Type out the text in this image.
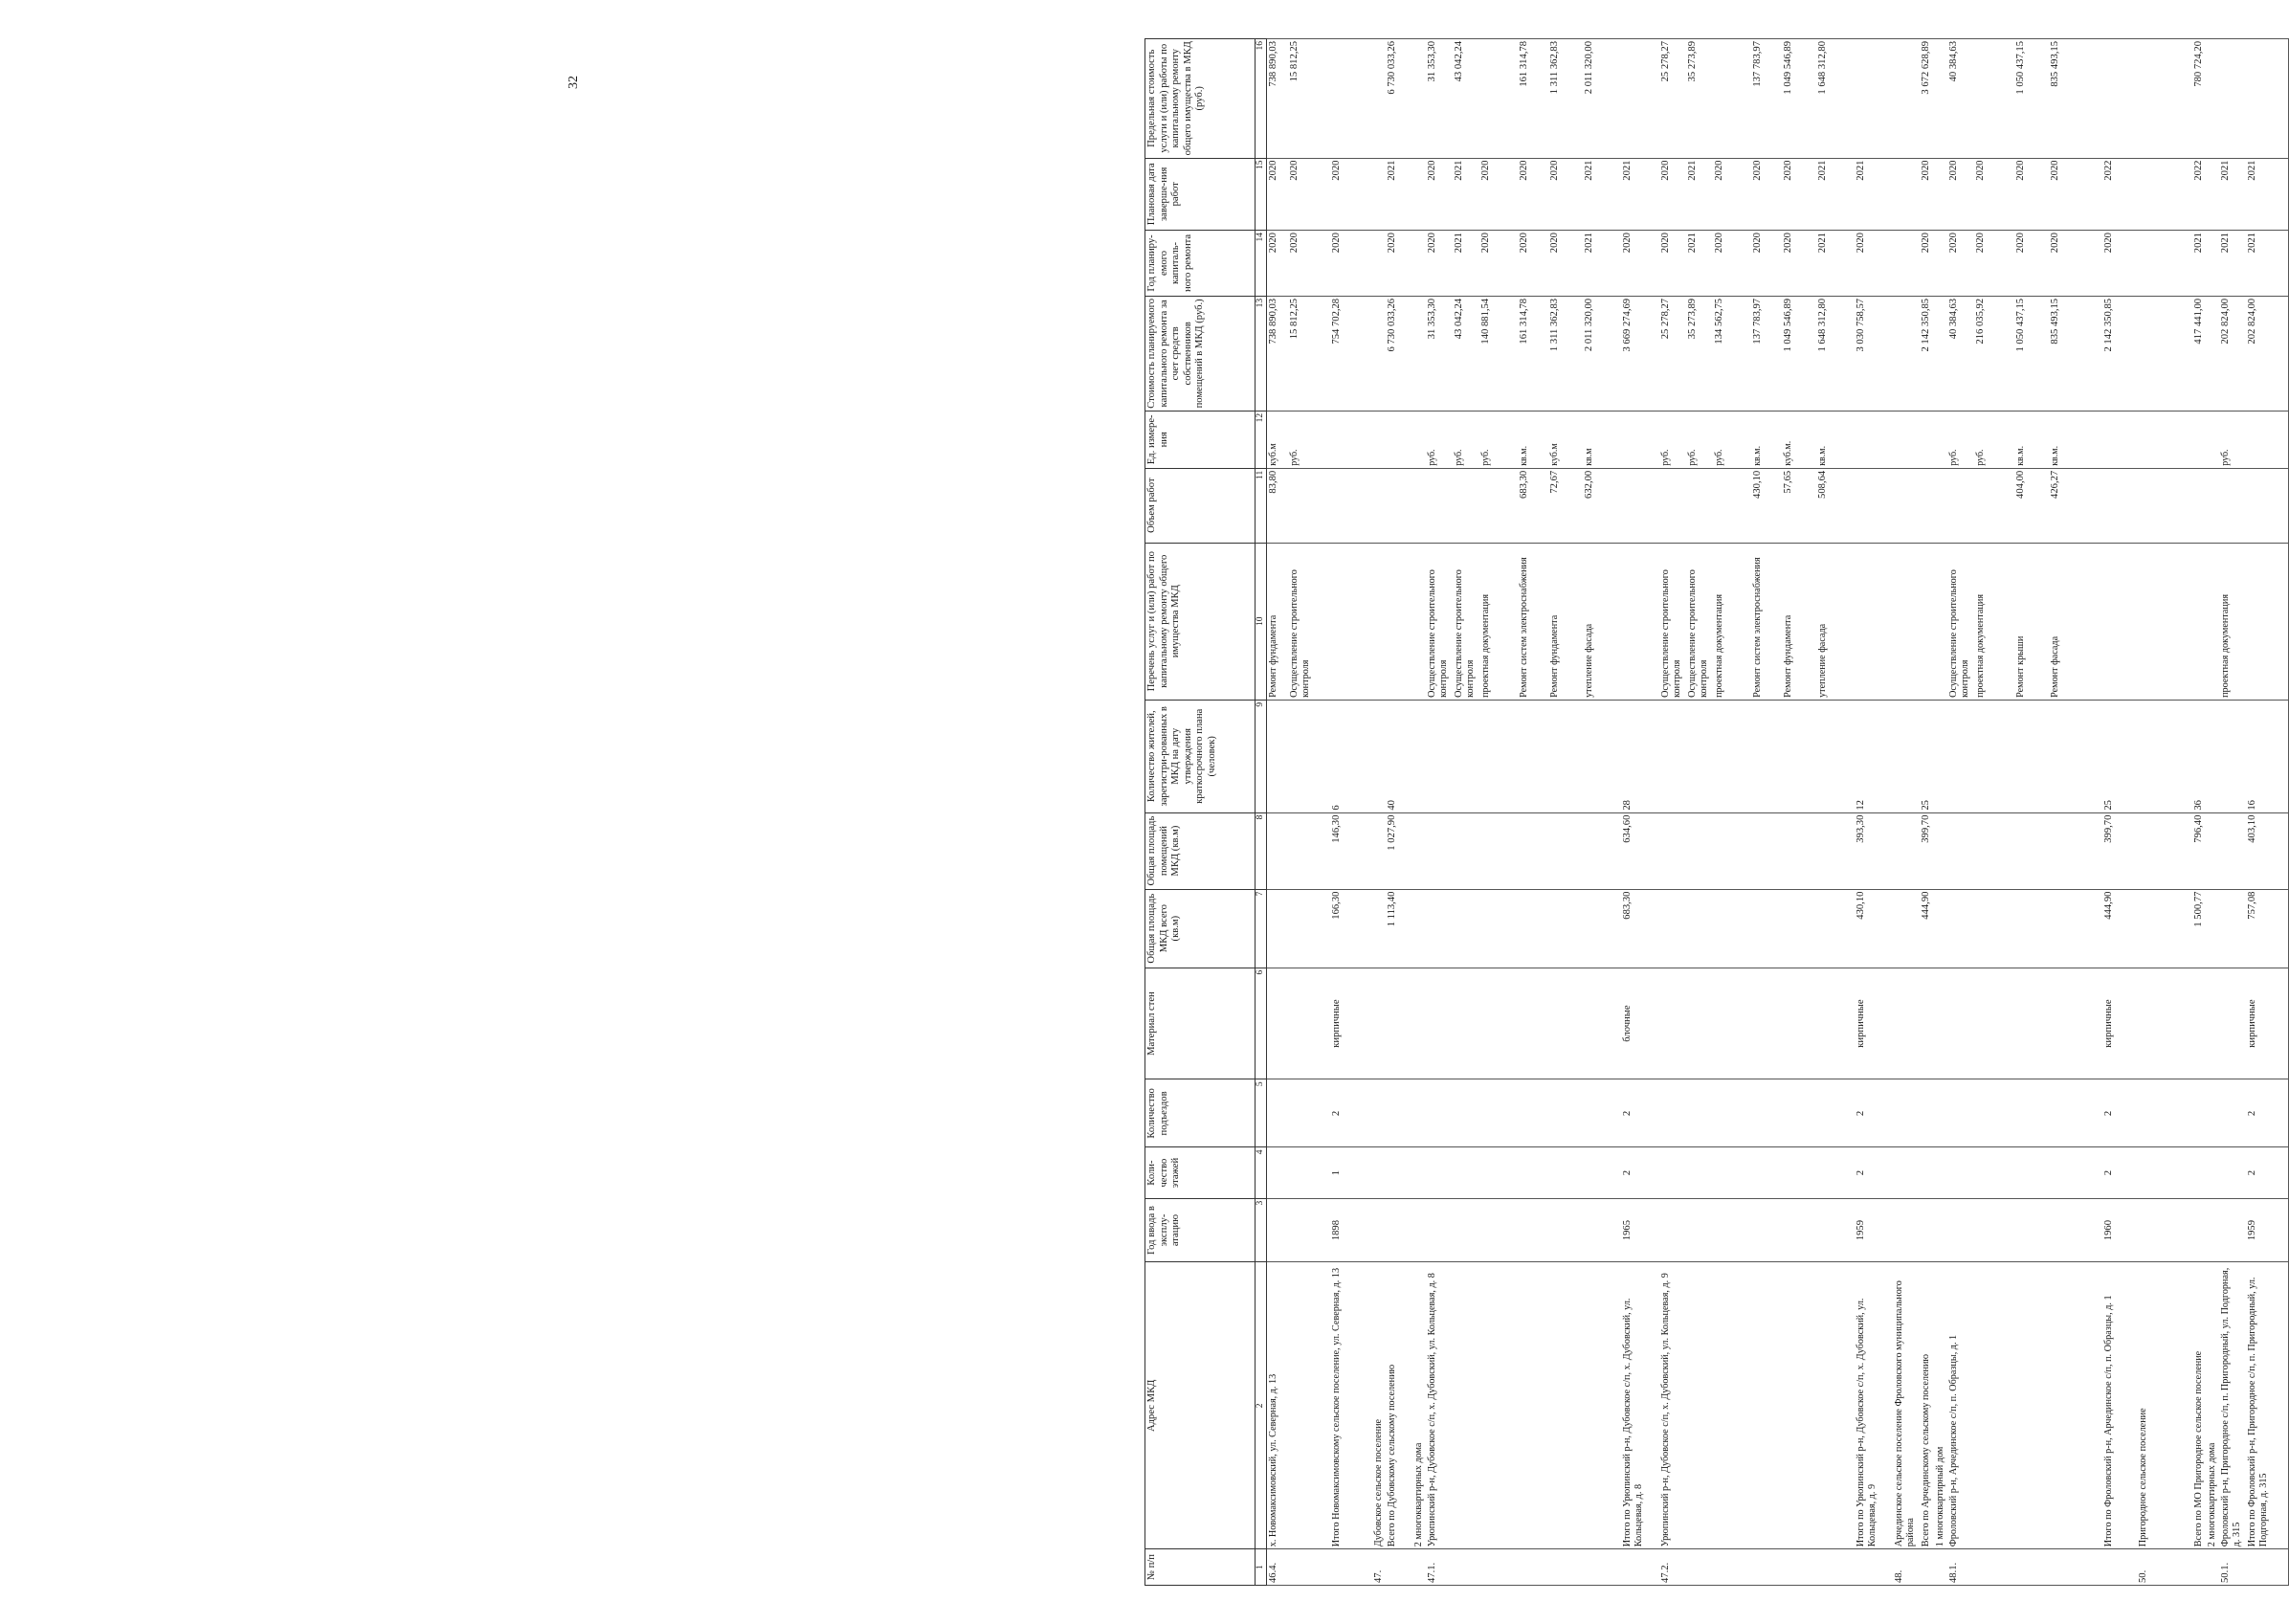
32
№ п/п	Адрес МКД	Год ввода в эксплу-атацию	Коли-чество этажей	Количество подъездов	Материал стен	Общая площадь МКД всего (кв.м)	Общая площадь помещений МКД (кв.м)	Количество жителей, зарегистри-рованных в МКД на дату утверждения краткосрочного плана (человек)	Перечень услуг и (или) работ по капитальному ремонту общего имущества МКД	Объем работ	Ед. измере-ния	Стоимость планируемого капитального ремонта за счет средств собственников помещений в МКД (руб.)	Год планиру-емого капиталь-ного ремонта	Плановая дата заверше-ния работ	Предельная стоимость услуги и (или) работы по капитальному ремонту общего имущества в МКД (руб.)
1	2	3	4	5	6	7	8	9	10	11	12	13	14	15	16
46.4.	х. Новомаксимовский, ул. Северная, д. 13								Ремонт фундамента	83,80	куб.м	738 890,03	2020	2020	738 890,03
									Осуществление строительного контроля		руб.	15 812,25	2020	2020	15 812,25
	Итого Новомаксимовскому сельское поселение, ул. Северная, д. 13	1898	1	2	кирпичные	166,30	146,30	6				754 702,28	2020	2020	
47.	Дубовское сельское поселение														
	Всего по Дубовскому сельскому поселению					1 113,40	1 027,90	40				6 730 033,26	2020	2021	6 730 033,26
	2 многоквартирных дома														
47.1.	Урюпинский р-н, Дубовское с/п, х. Дубовский, ул. Кольцевая, д. 8								Осуществление строительного контроля		руб.	31 353,30	2020	2020	31 353,30
									Осуществление строительного контроля		руб.	43 042,24	2021	2021	43 042,24
									проектная документация		руб.	140 881,54	2020	2020	
									Ремонт систем электроснабжения	683,30	кв.м.	161 314,78	2020	2020	161 314,78
									Ремонт фундамента	72,67	куб.м	1 311 362,83	2020	2020	1 311 362,83
									утепление фасада	632,00	кв.м	2 011 320,00	2021	2021	2 011 320,00
	Итого по Урюпинский р-н, Дубовское с/п, х. Дубовский, ул. Кольцевая, д. 8	1965	2	2	блочные	683,30	634,60	28				3 669 274,69	2020	2021	
47.2.	Урюпинский р-н, Дубовское с/п, х. Дубовский, ул. Кольцевая, д. 9								Осуществление строительного контроля		руб.	25 278,27	2020	2020	25 278,27
									Осуществление строительного контроля		руб.	35 273,89	2021	2021	35 273,89
									проектная документация		руб.	134 562,75	2020	2020	
									Ремонт систем электроснабжения	430,10	кв.м.	137 783,97	2020	2020	137 783,97
									Ремонт фундамента	57,65	куб.м.	1 049 546,89	2020	2020	1 049 546,89
									утепление фасада	508,64	кв.м.	1 648 312,80	2021	2021	1 648 312,80
	Итого по Урюпинский р-н, Дубовское с/п, х. Дубовский, ул. Кольцевая, д. 9	1959	2	2	кирпичные	430,10	393,30	12				3 030 758,57	2020	2021	
48.	Арчединское сельское поселение Фроловского муниципального района														
	Всего по Арчединскому сельскому поселению					444,90	399,70	25				2 142 350,85	2020	2020	3 672 628,89
	1 многоквартирный дом														
48.1.	Фроловский р-н, Арчединское с/п, п. Образцы, д. 1								Осуществление строительного контроля		руб.	40 384,63	2020	2020	40 384,63
									проектная документация		руб.	216 035,92	2020	2020	
									Ремонт крыши	404,00	кв.м.	1 050 437,15	2020	2020	1 050 437,15
									Ремонт фасада	426,27	кв.м.	835 493,15	2020	2020	835 493,15
	Итого по Фроловский р-н, Арчединское с/п, п. Образцы, д. 1	1960	2	2	кирпичные	444,90	399,70	25				2 142 350,85	2020	2022	
50.	Пригородное сельское поселение														
	Всего по МО Пригородное сельское поселение					1 500,77	796,40	36				417 441,00	2021	2022	780 724,20
	2 многоквартирных дома														
50.1.	Фроловский р-н, Пригородное с/п, п. Пригородный, ул. Подгорная, д. 315								проектная документация		руб.	202 824,00	2021	2021	
	Итого по Фроловский р-н, Пригородное с/п, п. Пригородный, ул. Подгорная, д. 315	1959	2	2	кирпичные	757,08	403,10	16				202 824,00	2021	2021	
